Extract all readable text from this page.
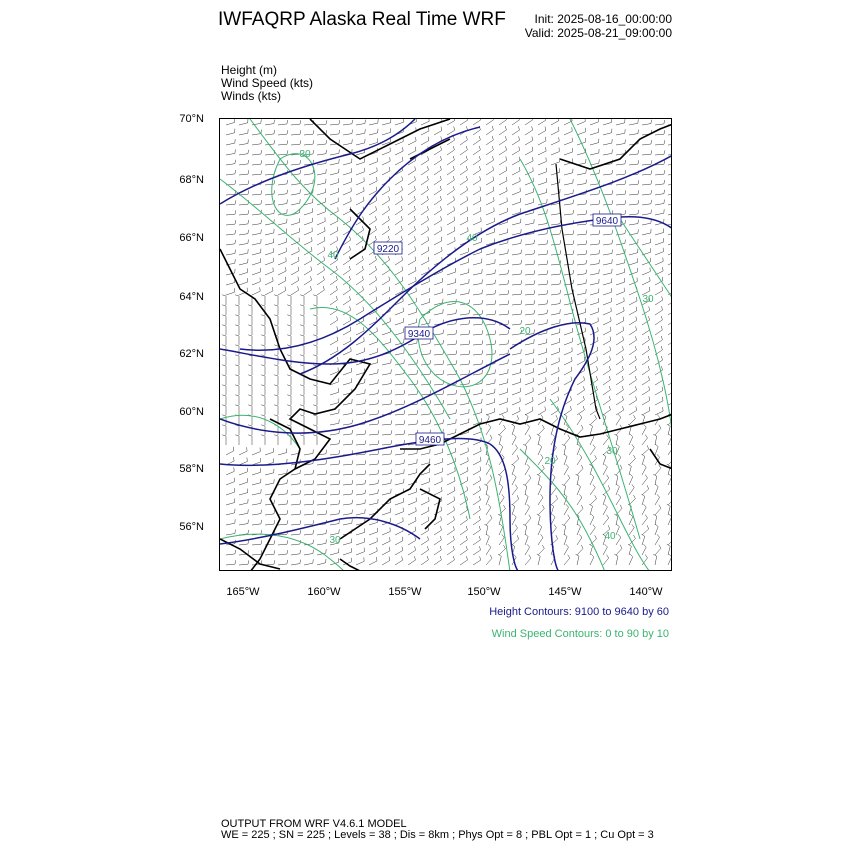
IWFAQRP Alaska Real Time WRF Init: 2025-08-16_00:00:00
Valid: 2025-08-21_09:00:00
Height (m)
Wind Speed (kts)
Winds (kts)
9220
9340
9460
9640
30
40
40
30
20
30
40
30
20
70°N
68°N
66°N
64°N
62°N
60°N
58°N
56°N
165°W	160°W	155°W	150°W	145°W	140°W
Height Contours: 9100 to 9640 by 60
Wind Speed Contours: 0 to 90 by 10
OUTPUT FROM WRF V4.6.1 MODEL
WE = 225 ; SN = 225 ; Levels = 38 ; Dis = 8km ; Phys Opt = 8 ; PBL Opt = 1 ; Cu Opt = 3
